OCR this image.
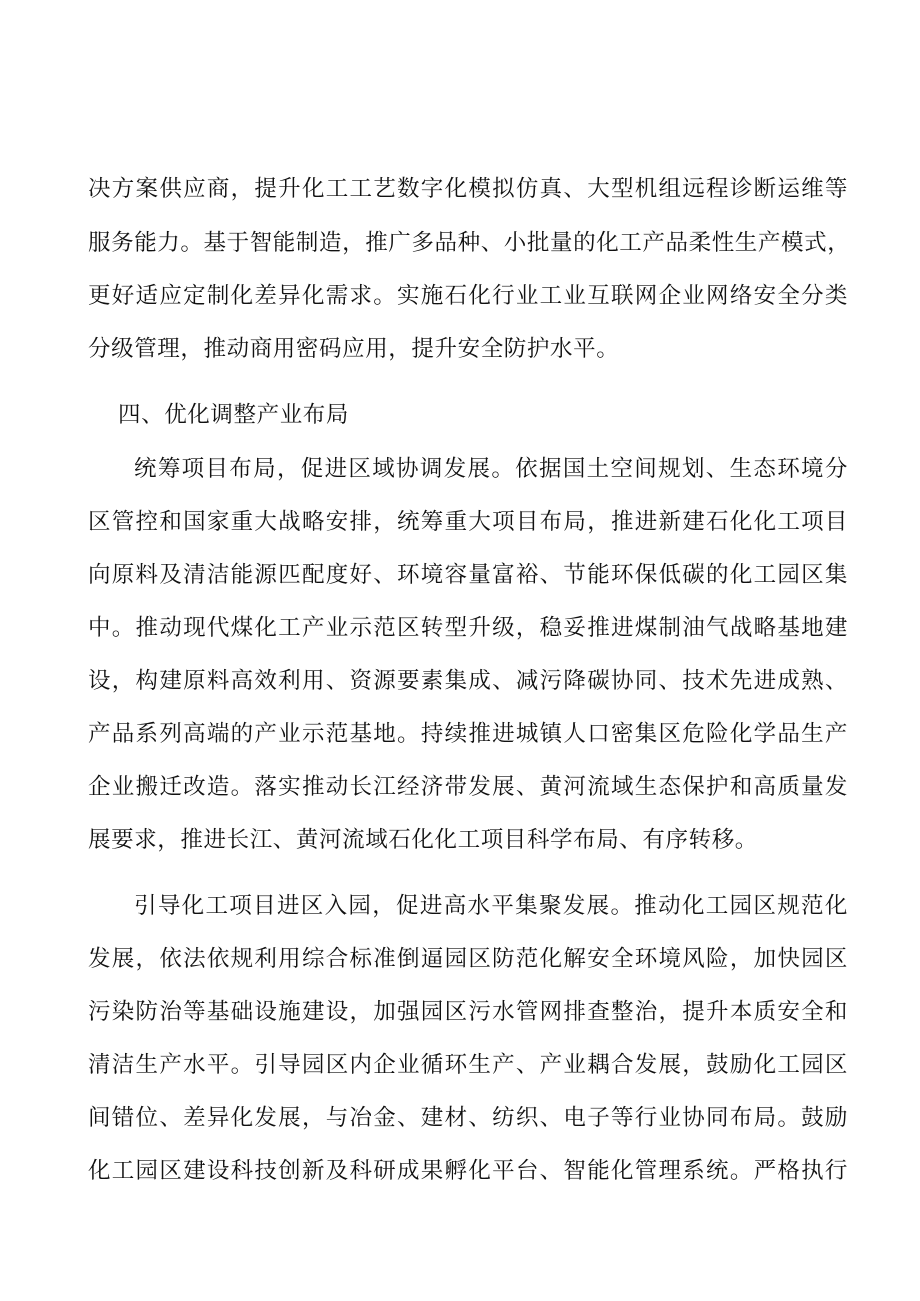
决方案供应商，提升化工工艺数字化模拟仿真、大型机组远程诊断运维等
服务能力。基于智能制造，推广多品种、小批量的化工产品柔性生产模式，
更好适应定制化差异化需求。实施石化行业工业互联网企业网络安全分类
分级管理，推动商用密码应用，提升安全防护水平。
四、优化调整产业布局
统筹项目布局，促进区域协调发展。依据国土空间规划、生态环境分
区管控和国家重大战略安排，统筹重大项目布局，推进新建石化化工项目
向原料及清洁能源匹配度好、环境容量富裕、节能环保低碳的化工园区集
中。推动现代煤化工产业示范区转型升级，稳妥推进煤制油气战略基地建
设，构建原料高效利用、资源要素集成、减污降碳协同、技术先进成熟、
产品系列高端的产业示范基地。持续推进城镇人口密集区危险化学品生产
企业搬迁改造。落实推动长江经济带发展、黄河流域生态保护和高质量发
展要求，推进长江、黄河流域石化化工项目科学布局、有序转移。
引导化工项目进区入园，促进高水平集聚发展。推动化工园区规范化
发展，依法依规利用综合标准倒逼园区防范化解安全环境风险，加快园区
污染防治等基础设施建设，加强园区污水管网排查整治，提升本质安全和
清洁生产水平。引导园区内企业循环生产、产业耦合发展，鼓励化工园区
间错位、差异化发展，与冶金、建材、纺织、电子等行业协同布局。鼓励
化工园区建设科技创新及科研成果孵化平台、智能化管理系统。严格执行
